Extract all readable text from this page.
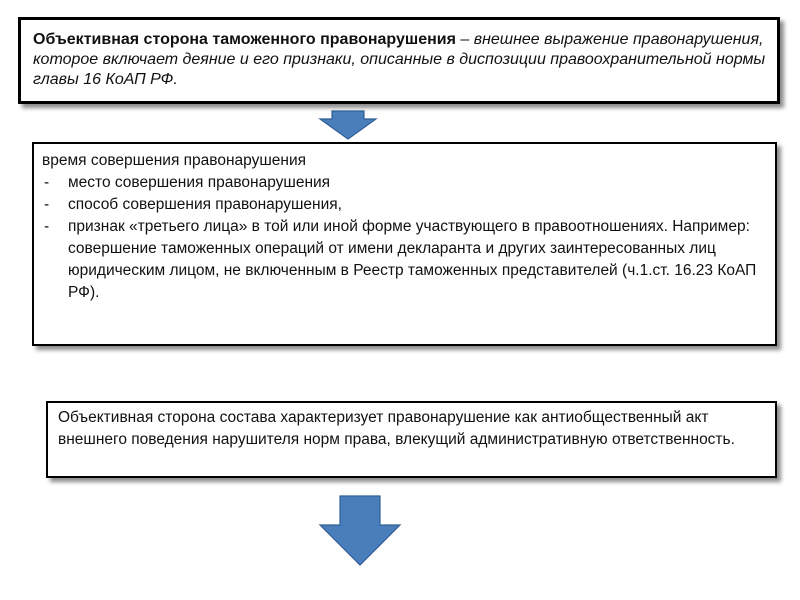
Объективная сторона таможенного правонарушения – внешнее выражение правонарушения, которое включает деяние и его признаки, описанные в диспозиции правоохранительной нормы главы 16 КоАП РФ.
время совершения правонарушения
- место совершения правонарушения
- способ совершения правонарушения,
- признак «третьего лица» в той или иной форме участвующего в правоотношениях. Например: совершение таможенных операций от имени декларанта и других заинтересованных лиц юридическим лицом, не включенным в Реестр таможенных представителей (ч.1.ст. 16.23 КоАП РФ).
Объективная сторона состава характеризует правонарушение как антиобщественный акт внешнего поведения нарушителя норм права, влекущий административную ответственность.
